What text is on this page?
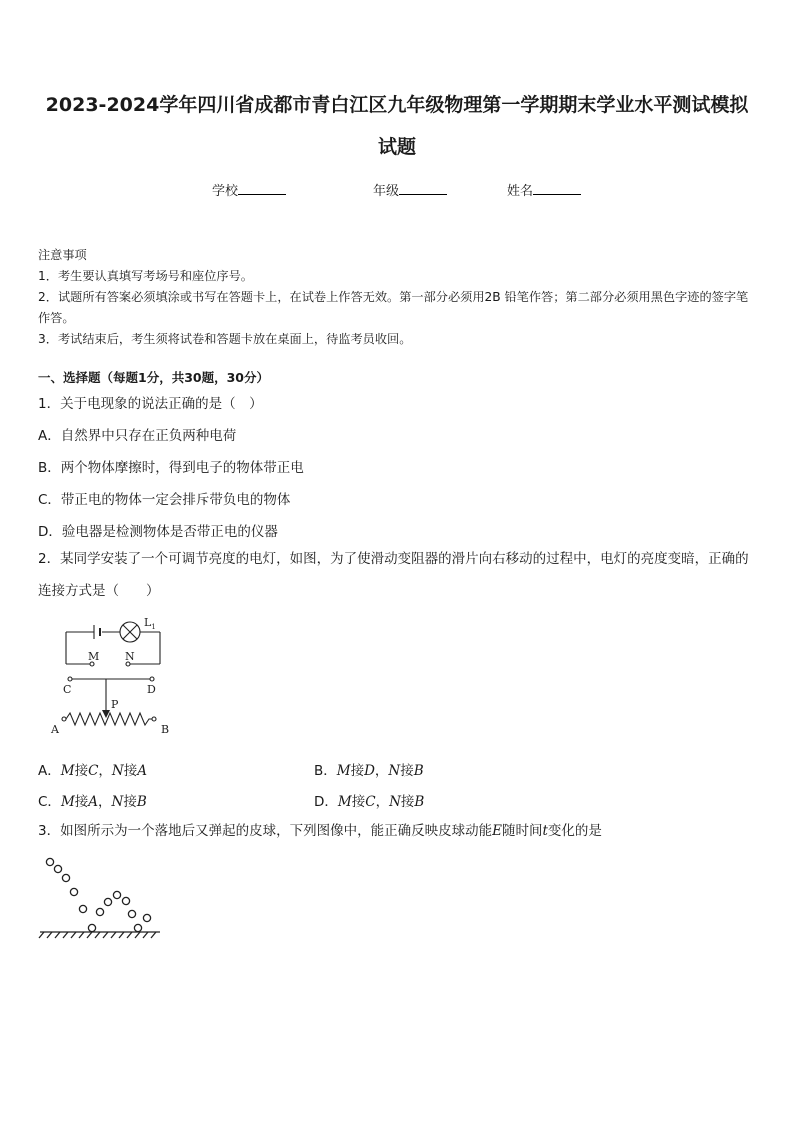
2023-2024学年四川省成都市青白江区九年级物理第一学期期末学业水平测试模拟试题
学校	年级	姓名

注意事项

1．考生要认真填写考场号和座位序号。

2．试题所有答案必须填涂或书写在答题卡上，在试卷上作答无效。第一部分必须用2B 铅笔作答；第二部分必须用黑色字迹的签字笔作答。

3．考试结束后，考生须将试卷和答题卡放在桌面上，待监考员收回。

一、选择题（每题1分，共30题，30分）

1．关于电现象的说法正确的是（　）

A．自然界中只存在正负两种电荷

B．两个物体摩擦时，得到电子的物体带正电

C．带正电的物体一定会排斥带负电的物体

D．验电器是检测物体是否带正电的仪器

2．某同学安装了一个可调节亮度的电灯，如图，为了使滑动变阻器的滑片向右移动的过程中，电灯的亮度变暗，正确的连接方式是（　　）
$L_1$
M N
C	D
P
A	B
A．M接C，N接A	B．M接D，N接B
C．M接A，N接B	D．M接C，N接B
3．如图所示为一个落地后又弹起的皮球，下列图像中，能正确反映皮球动能E随时间t变化的是
